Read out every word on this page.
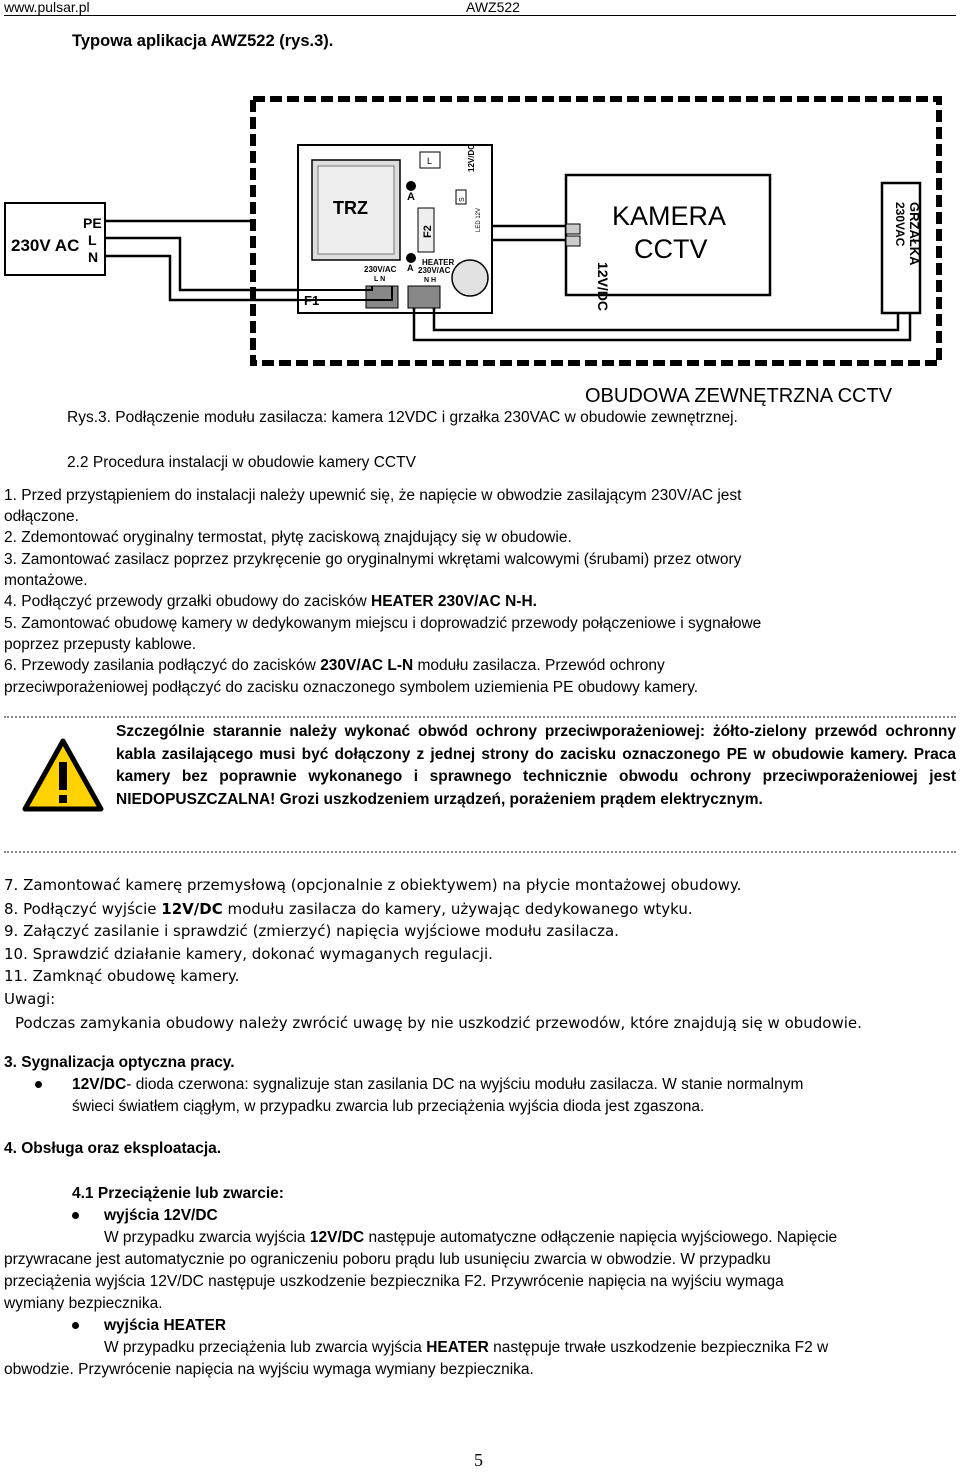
www.pulsar.pl	AWZ522
Typowa aplikacja AWZ522 (rys.3).
230V AC
PE
L
N
TRZ
F1
A
F2
A
L	12V/DC
S
LED 12V
230V/AC
L N
HEATER
230V/AC
N H	12V/DC
KAMERA
CCTV	GRZAŁKA
230VAC
OBUDOWA ZEWNĘTRZNA CCTV
Rys.3. Podłączenie modułu zasilacza: kamera 12VDC i grzałka 230VAC w obudowie zewnętrznej.
2.2 Procedura instalacji w obudowie kamery CCTV
1. Przed przystąpieniem do instalacji należy upewnić się, że napięcie w obwodzie zasilającym 230V/AC jest
odłączone.
2. Zdemontować oryginalny termostat, płytę zaciskową znajdujący się w obudowie.
3. Zamontować zasilacz poprzez przykręcenie go oryginalnymi wkrętami walcowymi (śrubami) przez otwory
montażowe.
4. Podłączyć przewody grzałki obudowy do zacisków HEATER 230V/AC N-H.
5. Zamontować obudowę kamery w dedykowanym miejscu i doprowadzić przewody połączeniowe i sygnałowe
poprzez przepusty kablowe.
6. Przewody zasilania podłączyć do zacisków 230V/AC L-N modułu zasilacza. Przewód ochrony
przeciwporażeniowej podłączyć do zacisku oznaczonego symbolem uziemienia PE obudowy kamery.
Szczególnie starannie należy wykonać obwód ochrony przeciwporażeniowej: żółto-zielony przewód ochronny kabla zasilającego musi być dołączony z jednej strony do zacisku oznaczonego PE w obudowie kamery. Praca kamery bez poprawnie wykonanego i sprawnego technicznie obwodu ochrony przeciwporażeniowej jest NIEDOPUSZCZALNA! Grozi uszkodzeniem urządzeń, porażeniem prądem elektrycznym.
7. Zamontować kamerę przemysłową (opcjonalnie z obiektywem) na płycie montażowej obudowy.
8. Podłączyć wyjście 12V/DC modułu zasilacza do kamery, używając dedykowanego wtyku.
9. Załączyć zasilanie i sprawdzić (zmierzyć) napięcia wyjściowe modułu zasilacza.
10. Sprawdzić działanie kamery, dokonać wymaganych regulacji.
11. Zamknąć obudowę kamery.
Uwagi:
Podczas zamykania obudowy należy zwrócić uwagę by nie uszkodzić przewodów, które znajdują się w obudowie.
3. Sygnalizacja optyczna pracy.
12V/DC- dioda czerwona: sygnalizuje stan zasilania DC na wyjściu modułu zasilacza. W stanie normalnym
świeci światłem ciągłym, w przypadku zwarcia lub przeciążenia wyjścia dioda jest zgaszona.
4. Obsługa oraz eksploatacja.
4.1 Przeciążenie lub zwarcie:
wyjścia 12V/DC
W przypadku zwarcia wyjścia 12V/DC następuje automatyczne odłączenie napięcia wyjściowego. Napięcie
przywracane jest automatycznie po ograniczeniu poboru prądu lub usunięciu zwarcia w obwodzie. W przypadku
przeciążenia wyjścia 12V/DC następuje uszkodzenie bezpiecznika F2. Przywrócenie napięcia na wyjściu wymaga
wymiany bezpiecznika.
wyjścia HEATER
W przypadku przeciążenia lub zwarcia wyjścia HEATER następuje trwałe uszkodzenie bezpiecznika F2 w
obwodzie. Przywrócenie napięcia na wyjściu wymaga wymiany bezpiecznika.
5
